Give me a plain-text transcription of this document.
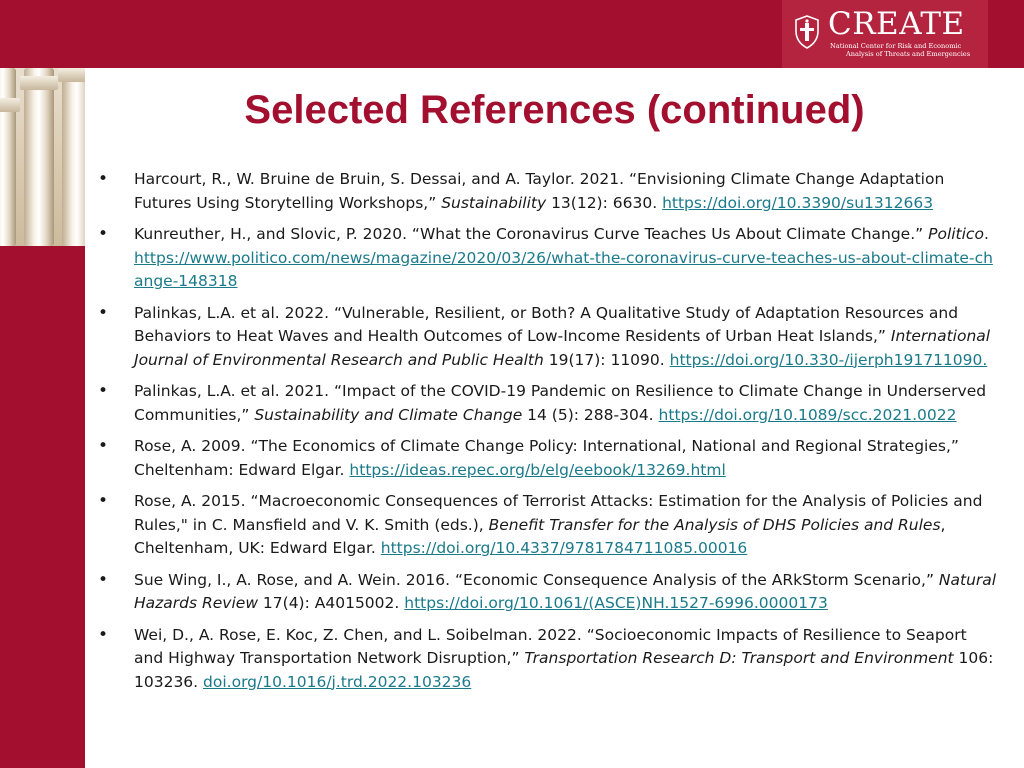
CREATE
National Center for Risk and Economic
Analysis of Threats and Emergencies
Selected References (continued)
• Harcourt, R., W. Bruine de Bruin, S. Dessai, and A. Taylor. 2021. “Envisioning Climate Change Adaptation Futures Using Storytelling Workshops,” Sustainability 13(12): 6630. https://doi.org/10.3390/su1312663
• Kunreuther, H., and Slovic, P. 2020. “What the Coronavirus Curve Teaches Us About Climate Change.” Politico. https://www.politico.com/news/magazine/2020/03/26/what-the-coronavirus-curve-teaches-us-about-climate-change-148318
• Palinkas, L.A. et al. 2022. “Vulnerable, Resilient, or Both? A Qualitative Study of Adaptation Resources and Behaviors to Heat Waves and Health Outcomes of Low-Income Residents of Urban Heat Islands,” International Journal of Environmental Research and Public Health 19(17): 11090. https://doi.org/10.330-/ijerph191711090.
• Palinkas, L.A. et al. 2021. “Impact of the COVID-19 Pandemic on Resilience to Climate Change in Underserved Communities,” Sustainability and Climate Change 14 (5): 288-304. https://doi.org/10.1089/scc.2021.0022
• Rose, A. 2009. “The Economics of Climate Change Policy: International, National and Regional Strategies,” Cheltenham: Edward Elgar. https://ideas.repec.org/b/elg/eebook/13269.html
• Rose, A. 2015. “Macroeconomic Consequences of Terrorist Attacks: Estimation for the Analysis of Policies and Rules," in C. Mansfield and V. K. Smith (eds.), Benefit Transfer for the Analysis of DHS Policies and Rules, Cheltenham, UK: Edward Elgar. https://doi.org/10.4337/9781784711085.00016
• Sue Wing, I., A. Rose, and A. Wein. 2016. “Economic Consequence Analysis of the ARkStorm Scenario,” Natural Hazards Review 17(4): A4015002. https://doi.org/10.1061/(ASCE)NH.1527-6996.0000173
• Wei, D., A. Rose, E. Koc, Z. Chen, and L. Soibelman. 2022. “Socioeconomic Impacts of Resilience to Seaport and Highway Transportation Network Disruption,” Transportation Research D: Transport and Environment 106: 103236. doi.org/10.1016/j.trd.2022.103236
